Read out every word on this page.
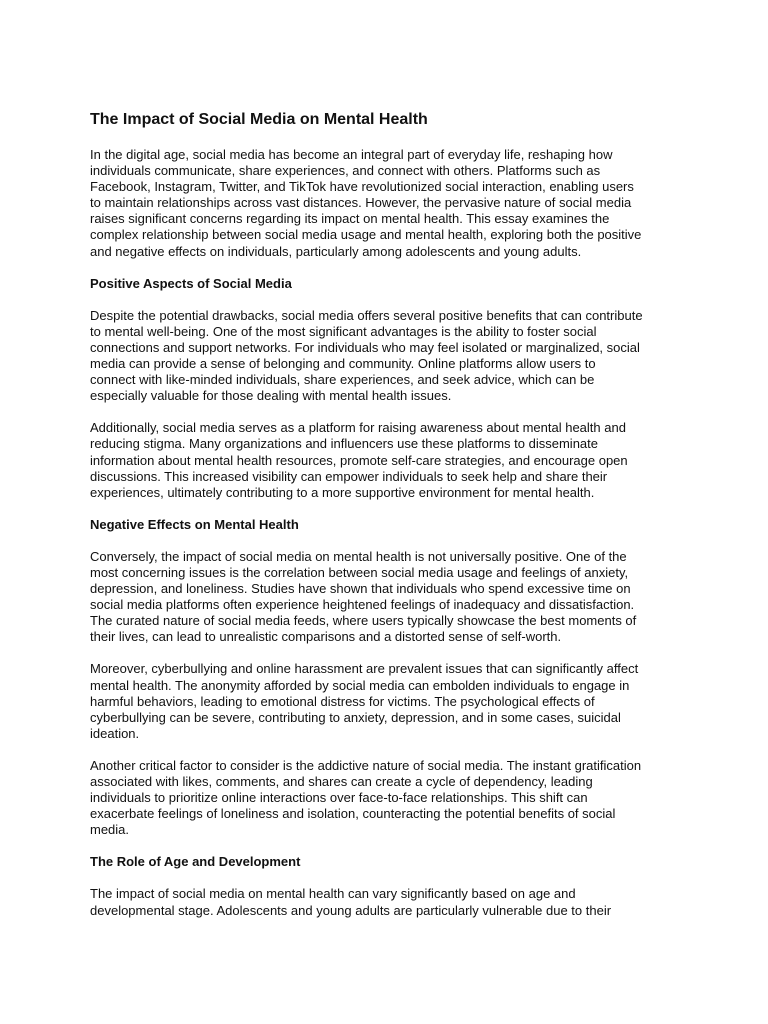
The Impact of Social Media on Mental Health

In the digital age, social media has become an integral part of everyday life, reshaping how
individuals communicate, share experiences, and connect with others. Platforms such as
Facebook, Instagram, Twitter, and TikTok have revolutionized social interaction, enabling users
to maintain relationships across vast distances. However, the pervasive nature of social media
raises significant concerns regarding its impact on mental health. This essay examines the
complex relationship between social media usage and mental health, exploring both the positive
and negative effects on individuals, particularly among adolescents and young adults.

Positive Aspects of Social Media

Despite the potential drawbacks, social media offers several positive benefits that can contribute
to mental well-being. One of the most significant advantages is the ability to foster social
connections and support networks. For individuals who may feel isolated or marginalized, social
media can provide a sense of belonging and community. Online platforms allow users to
connect with like-minded individuals, share experiences, and seek advice, which can be
especially valuable for those dealing with mental health issues.

Additionally, social media serves as a platform for raising awareness about mental health and
reducing stigma. Many organizations and influencers use these platforms to disseminate
information about mental health resources, promote self-care strategies, and encourage open
discussions. This increased visibility can empower individuals to seek help and share their
experiences, ultimately contributing to a more supportive environment for mental health.

Negative Effects on Mental Health

Conversely, the impact of social media on mental health is not universally positive. One of the
most concerning issues is the correlation between social media usage and feelings of anxiety,
depression, and loneliness. Studies have shown that individuals who spend excessive time on
social media platforms often experience heightened feelings of inadequacy and dissatisfaction.
The curated nature of social media feeds, where users typically showcase the best moments of
their lives, can lead to unrealistic comparisons and a distorted sense of self-worth.

Moreover, cyberbullying and online harassment are prevalent issues that can significantly affect
mental health. The anonymity afforded by social media can embolden individuals to engage in
harmful behaviors, leading to emotional distress for victims. The psychological effects of
cyberbullying can be severe, contributing to anxiety, depression, and in some cases, suicidal
ideation.

Another critical factor to consider is the addictive nature of social media. The instant gratification
associated with likes, comments, and shares can create a cycle of dependency, leading
individuals to prioritize online interactions over face-to-face relationships. This shift can
exacerbate feelings of loneliness and isolation, counteracting the potential benefits of social
media.

The Role of Age and Development

The impact of social media on mental health can vary significantly based on age and
developmental stage. Adolescents and young adults are particularly vulnerable due to their
